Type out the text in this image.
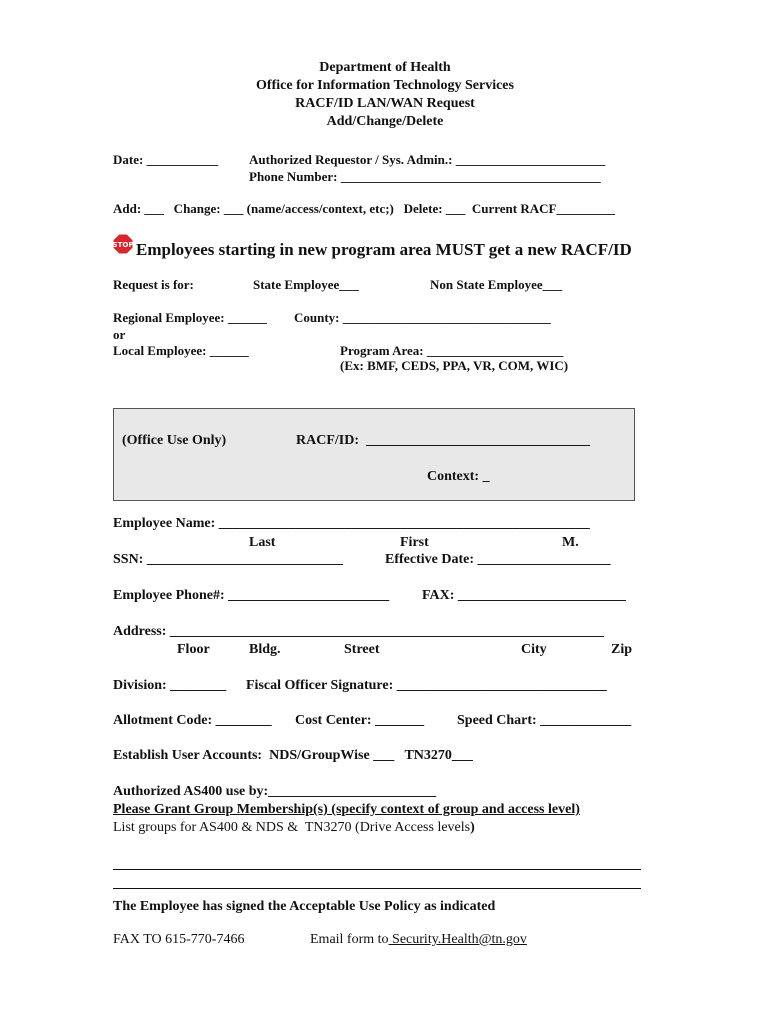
Department of Health
Office for Information Technology Services
RACF/ID LAN/WAN Request
Add/Change/Delete
Date: ___________ Authorized Requestor / Sys. Admin.: _______________________
Phone Number: ________________________________________
Add: ___   Change: ___ (name/access/context, etc;)   Delete: ___  Current RACF_________
STOP Employees starting in new program area MUST get a new RACF/ID
Request is for:	State Employee___	Non State Employee___
Regional Employee: ______ County: ________________________________
or
Local Employee: ______	Program Area: _____________________
(Ex: BMF, CEDS, PPA, VR, COM, WIC)
(Office Use Only)	RACF/ID:  ________________________________
Context: _
Employee Name: _____________________________________________________
Last	First	M.
SSN: ____________________________	Effective Date: ___________________
Employee Phone#: _______________________ FAX: ________________________
Address: ______________________________________________________________
Floor	Bldg.	Street	City	Zip
Division: ________ Fiscal Officer Signature: ______________________________
Allotment Code: ________ Cost Center: _______ Speed Chart: _____________
Establish User Accounts:  NDS/GroupWise ___   TN3270___
Authorized AS400 use by:________________________
Please Grant Group Membership(s) (specify context of group and access level)
List groups for AS400 & NDS &  TN3270 (Drive Access levels)
The Employee has signed the Acceptable Use Policy as indicated
FAX TO 615-770-7466	Email form to Security.Health@tn.gov
